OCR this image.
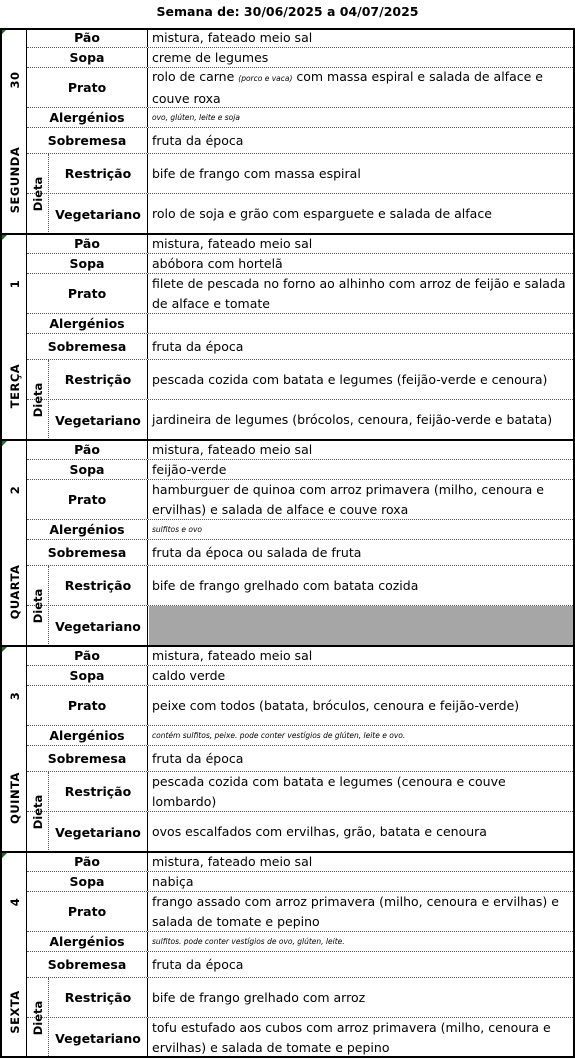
Semana de: 30/06/2025 a 04/07/2025
30
SEGUNDA
Pão	mistura, fateado meio sal
Sopa	creme de legumes
Prato
rolo de carne (porco e vaca) com massa espiral e salada de alface e couve roxa
Alergénios	ovo, glúten, leite e soja
Sobremesa	fruta da época
Restrição	bife de frango com massa espiral
Vegetariano rolo de soja e grão com esparguete e salada de alface
Dieta
1
TERÇA
Pão	mistura, fateado meio sal
Sopa	abóbora com hortelã
Prato
filete de pescada no forno ao alhinho com arroz de feijão e salada de alface e tomate
Alergénios
Sobremesa	fruta da época
Restrição	pescada cozida com batata e legumes (feijão-verde e cenoura)
Vegetariano jardineira de legumes (brócolos, cenoura, feijão-verde e batata)
Dieta
2
QUARTA
Pão	mistura, fateado meio sal
Sopa	feijão-verde
Prato
hamburguer de quinoa com arroz primavera (milho, cenoura e ervilhas) e salada de alface e couve roxa
Alergénios	sulfitos e ovo
Sobremesa	fruta da época ou salada de fruta
Restrição	bife de frango grelhado com batata cozida
Vegetariano
Dieta
3
QUINTA
Pão	mistura, fateado meio sal
Sopa	caldo verde
Prato	peixe com todos (batata, bróculos, cenoura e feijão-verde)
Alergénios	contém sulfitos, peixe. pode conter vestígios de glúten, leite e ovo.
Sobremesa	fruta da época
Restrição
pescada cozida com batata e legumes (cenoura e couve lombardo)
Vegetariano ovos escalfados com ervilhas, grão, batata e cenoura
Dieta
4
SEXTA
Pão	mistura, fateado meio sal
Sopa	nabiça
Prato
frango assado com arroz primavera (milho, cenoura e ervilhas) e salada de tomate e pepino
Alergénios	sulfitos. pode conter vestígios de ovo, glúten, leite.
Sobremesa	fruta da época
Restrição	bife de frango grelhado com arroz
Vegetariano
tofu estufado aos cubos com arroz primavera (milho, cenoura e ervilhas) e salada de tomate e pepino
Dieta
